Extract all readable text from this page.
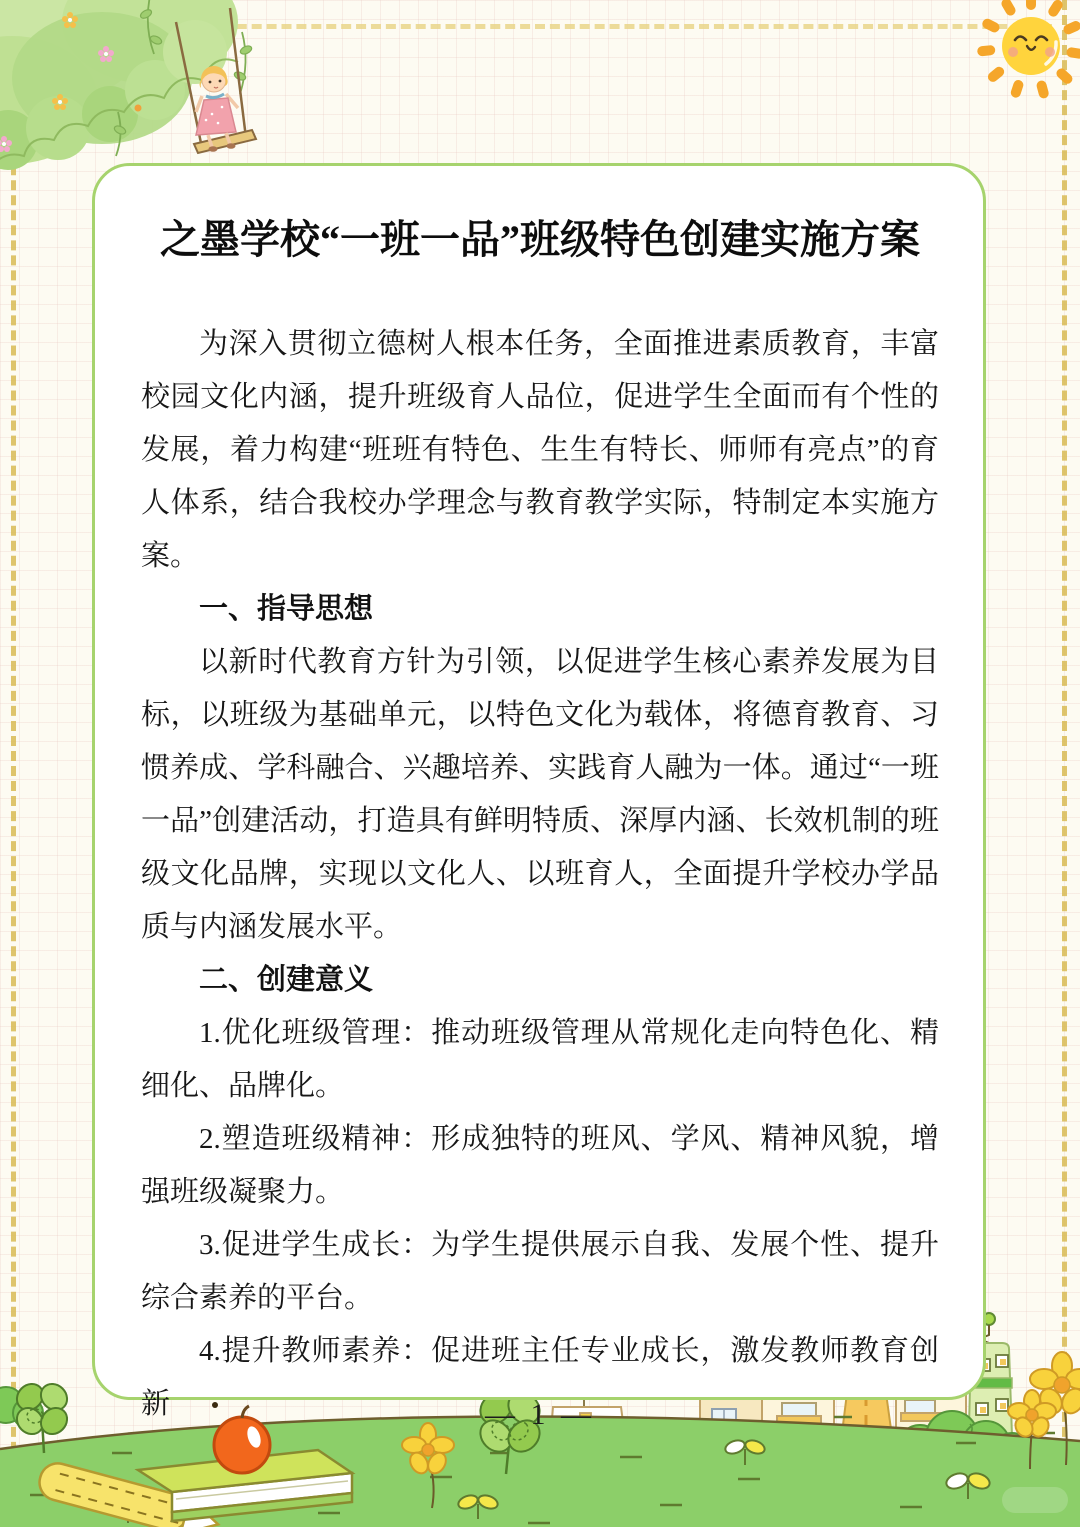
之墨学校“一班一品”班级特色创建实施方案

为深入贯彻立德树人根本任务，全面推进素质教育，丰富校园文化内涵，提升班级育人品位，促进学生全面而有个性的发展，着力构建“班班有特色、生生有特长、师师有亮点”的育人体系，结合我校办学理念与教育教学实际，特制定本实施方案。

一、指导思想

以新时代教育方针为引领，以促进学生核心素养发展为目标，以班级为基础单元，以特色文化为载体，将德育教育、习惯养成、学科融合、兴趣培养、实践育人融为一体。通过“一班一品”创建活动，打造具有鲜明特质、深厚内涵、长效机制的班级文化品牌，实现以文化人、以班育人，全面提升学校办学品质与内涵发展水平。

二、创建意义

1.优化班级管理：推动班级管理从常规化走向特色化、精细化、品牌化。

2.塑造班级精神：形成独特的班风、学风、精神风貌，增强班级凝聚力。

3.促进学生成长：为学生提供展示自我、发展个性、提升综合素养的平台。

4.提升教师素养：促进班主任专业成长，激发教师教育创新	— 1 —
